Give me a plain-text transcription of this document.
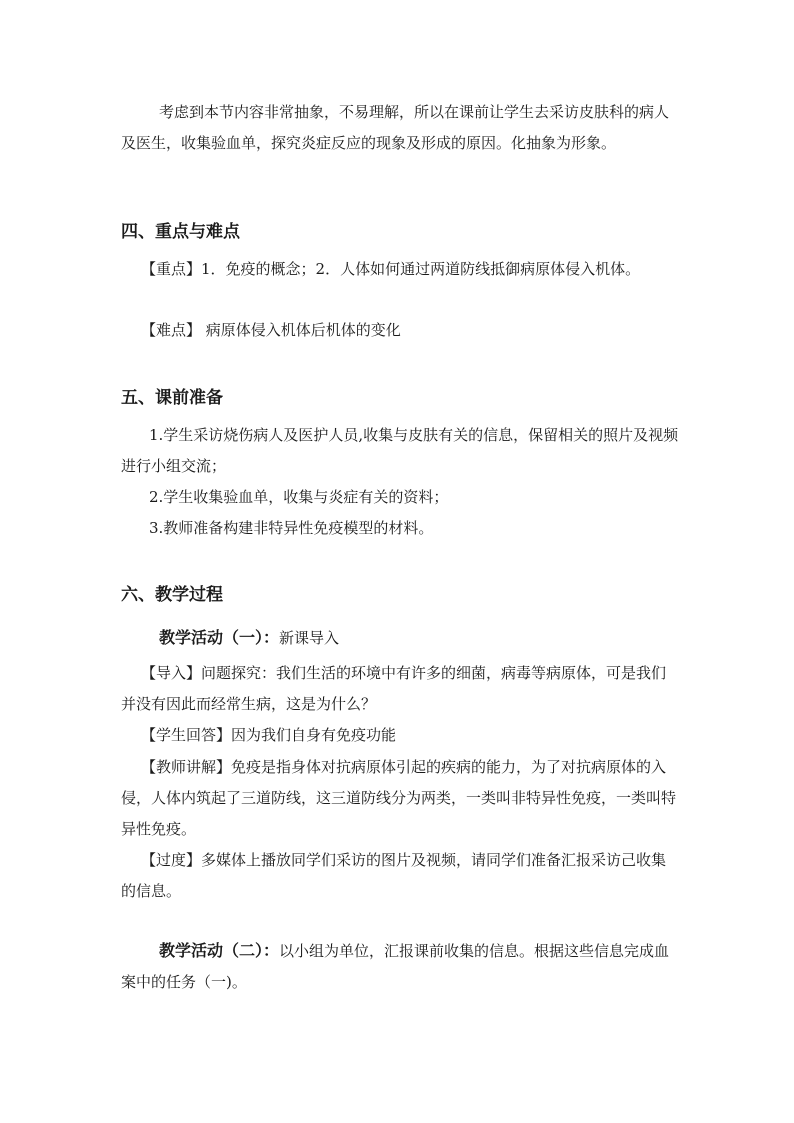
考虑到本节内容非常抽象，不易理解，所以在课前让学生去采访皮肤科的病人及医生，收集验血单，探究炎症反应的现象及形成的原因。化抽象为形象。

四、重点与难点

【重点】1．免疫的概念；2．人体如何通过两道防线抵御病原体侵入机体。

【难点】 病原体侵入机体后机体的变化

五、课前准备

1.学生采访烧伤病人及医护人员,收集与皮肤有关的信息，保留相关的照片及视频进行小组交流；

2.学生收集验血单，收集与炎症有关的资料；

3.教师准备构建非特异性免疫模型的材料。

六、教学过程

教学活动（一）：新课导入

【导入】问题探究：我们生活的环境中有许多的细菌，病毒等病原体，可是我们并没有因此而经常生病，这是为什么？

【学生回答】因为我们自身有免疫功能

【教师讲解】免疫是指身体对抗病原体引起的疾病的能力，为了对抗病原体的入侵，人体内筑起了三道防线，这三道防线分为两类，一类叫非特异性免疫，一类叫特异性免疫。

【过度】多媒体上播放同学们采访的图片及视频，请同学们准备汇报采访己收集的信息。

教学活动（二）：以小组为单位，汇报课前收集的信息。根据这些信息完成血案中的任务（一)。
